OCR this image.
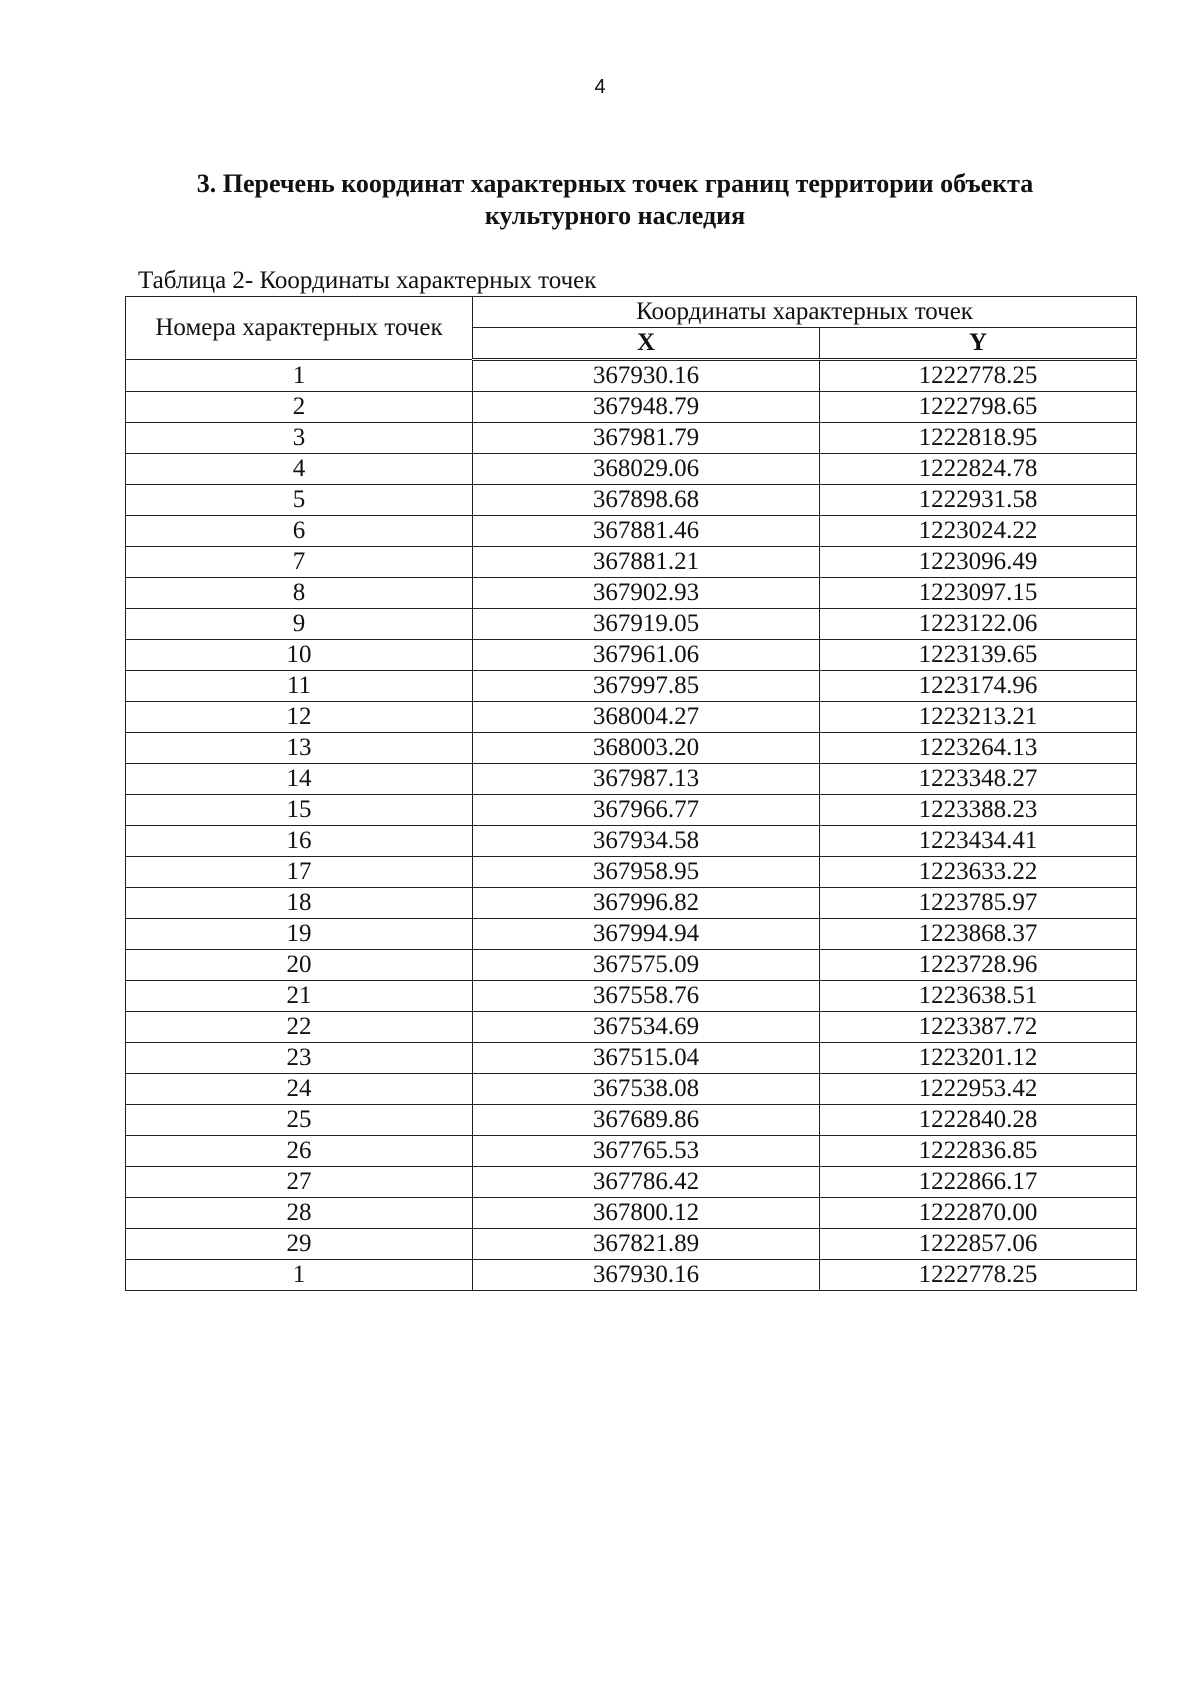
4
3. Перечень координат характерных точек границ территории объекта культурного наследия
Таблица 2- Координаты характерных точек
Номера характерных точек	Координаты характерных точек	
	X	Y
1	367930.16	1222778.25
2	367948.79	1222798.65
3	367981.79	1222818.95
4	368029.06	1222824.78
5	367898.68	1222931.58
6	367881.46	1223024.22
7	367881.21	1223096.49
8	367902.93	1223097.15
9	367919.05	1223122.06
10	367961.06	1223139.65
11	367997.85	1223174.96
12	368004.27	1223213.21
13	368003.20	1223264.13
14	367987.13	1223348.27
15	367966.77	1223388.23
16	367934.58	1223434.41
17	367958.95	1223633.22
18	367996.82	1223785.97
19	367994.94	1223868.37
20	367575.09	1223728.96
21	367558.76	1223638.51
22	367534.69	1223387.72
23	367515.04	1223201.12
24	367538.08	1222953.42
25	367689.86	1222840.28
26	367765.53	1222836.85
27	367786.42	1222866.17
28	367800.12	1222870.00
29	367821.89	1222857.06
1	367930.16	1222778.25
